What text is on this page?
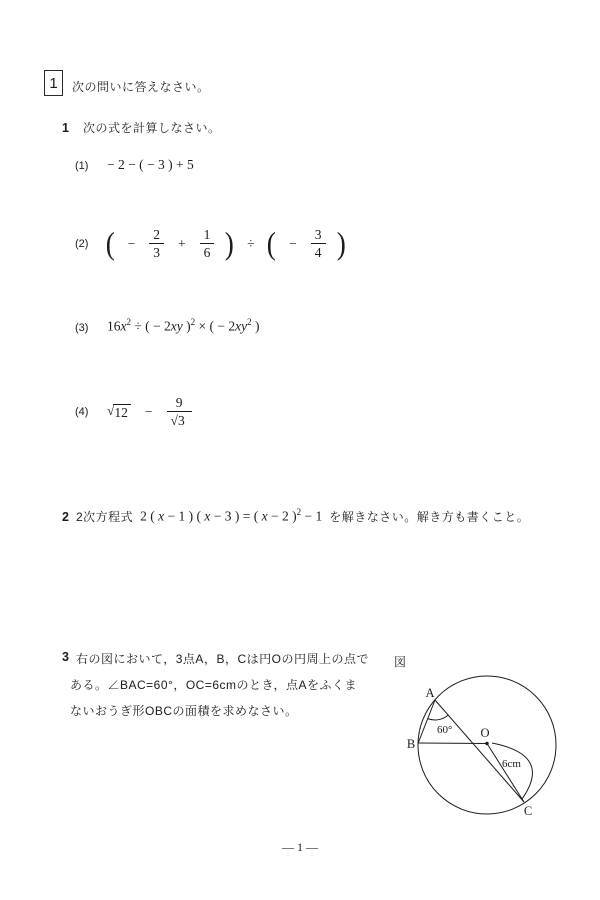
1 次の問いに答えなさい。
1 次の式を計算しなさい。
(1)	− 2 − ( − 3 ) + 5
(2) ( − $\frac{2}{3} + \frac{1}{6}$ ) ÷ ( − $\frac{3}{4}$ )
(3)	$16x^2$ ÷ ( − 2xy )$^2$ × ( − $2xy^2$ )
(4)	√ $12 - \frac{9}{√3}$
2 2次方程式 2 ( x − 1 ) ( x − 3 ) = ( x − 2 )$^2$ − 1 を解きなさい。解き方も書くこと。
3 右の図において，3点A，B，Cは円Oの円周上の点で
ある。∠BAC=60°，OC=6cmのとき，点Aをふくま
ないおうぎ形OBCの面積を求めなさい。
図
A
B
C
O
60°
6cm
— 1 —
